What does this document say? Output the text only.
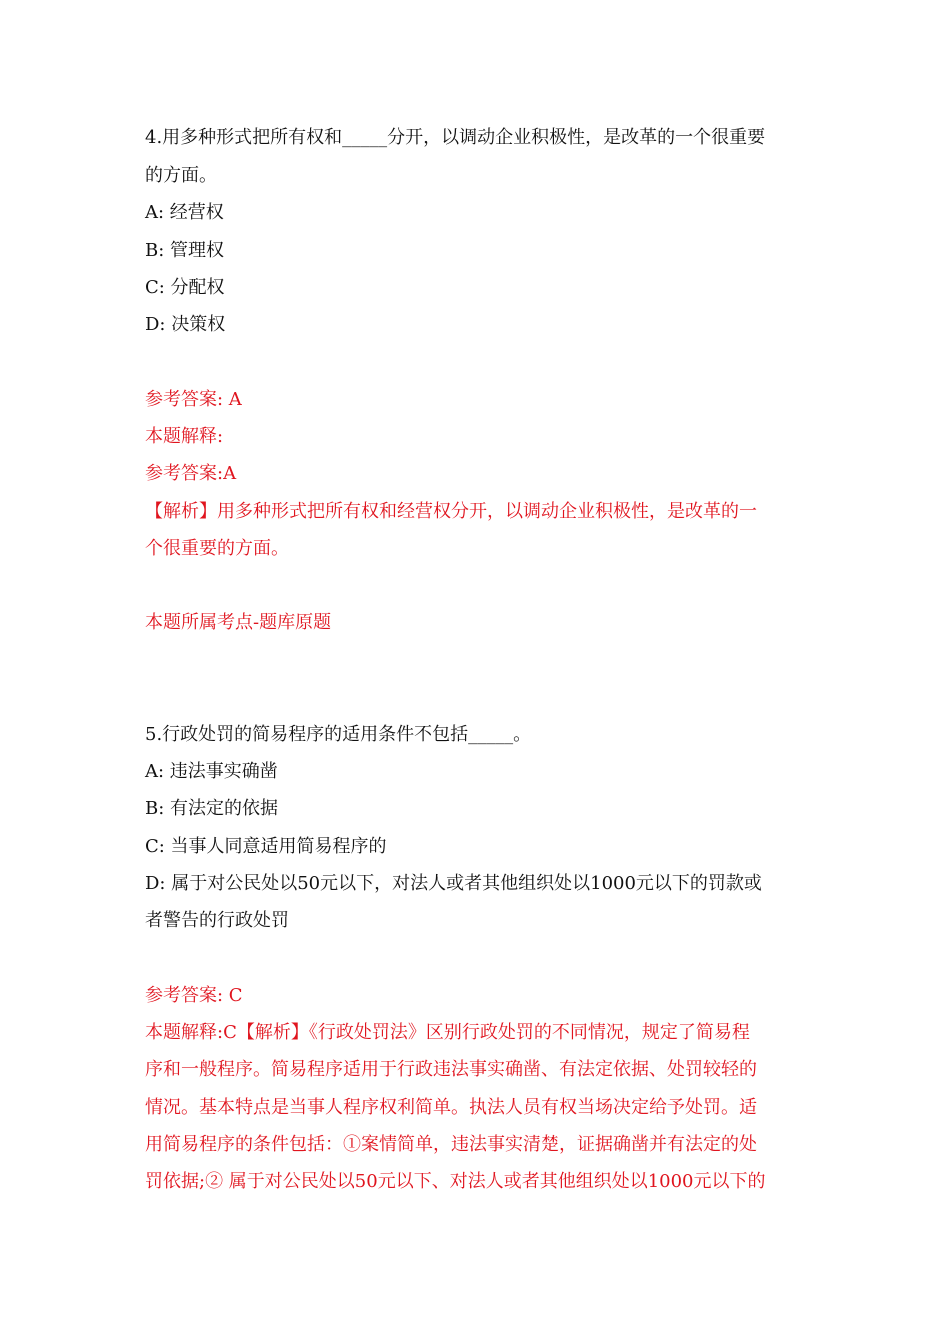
4.用多种形式把所有权和_____分开，以调动企业积极性，是改革的一个很重要
的方面。
A: 经营权
B: 管理权
C: 分配权
D: 决策权
参考答案: A
本题解释:
参考答案:A
【解析】用多种形式把所有权和经营权分开，以调动企业积极性，是改革的一
个很重要的方面。
本题所属考点-题库原题
5.行政处罚的简易程序的适用条件不包括_____。
A: 违法事实确凿
B: 有法定的依据
C: 当事人同意适用简易程序的
D: 属于对公民处以50元以下，对法人或者其他组织处以1000元以下的罚款或
者警告的行政处罚
参考答案: C
本题解释:C【解析】《行政处罚法》区别行政处罚的不同情况，规定了简易程
序和一般程序。简易程序适用于行政违法事实确凿、有法定依据、处罚较轻的
情况。基本特点是当事人程序权利简单。执法人员有权当场决定给予处罚。适
用简易程序的条件包括：①案情简单，违法事实清楚，证据确凿并有法定的处
罚依据;② 属于对公民处以50元以下、对法人或者其他组织处以1000元以下的
